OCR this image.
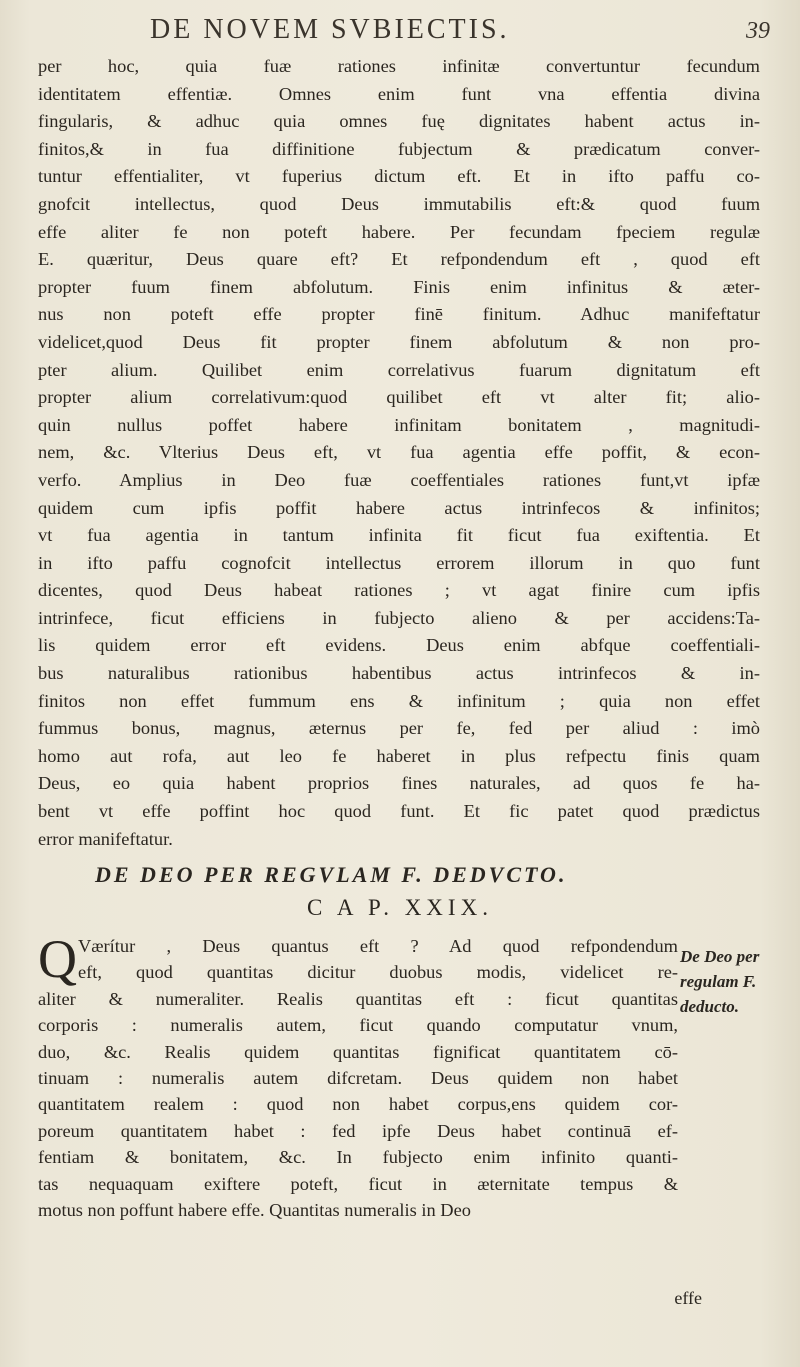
DE NOVEM SVBIECTIS.	39
per hoc, quia fuæ rationes infinitæ convertuntur fecundum
identitatem effentiæ. Omnes enim funt vna effentia divina
fingularis, & adhuc quia omnes fuę dignitates habent actus in-
finitos,& in fua diffinitione fubjectum & prædicatum conver-
tuntur effentialiter, vt fuperius dictum eft. Et in ifto paffu co-
gnofcit intellectus, quod Deus immutabilis eft:& quod fuum
effe aliter fe non poteft habere. Per fecundam fpeciem regulæ
E. quæritur, Deus quare eft? Et refpondendum eft , quod eft
propter fuum finem abfolutum. Finis enim infinitus & æter-
nus non poteft effe propter finē finitum. Adhuc manifeftatur
videlicet,quod Deus fit propter finem abfolutum & non pro-
pter alium. Quilibet enim correlativus fuarum dignitatum eft
propter alium correlativum:quod quilibet eft vt alter fit; alio-
quin nullus poffet habere infinitam bonitatem , magnitudi-
nem, &c. Vlterius Deus eft, vt fua agentia effe poffit, & econ-
verfo. Amplius in Deo fuæ coeffentiales rationes funt,vt ipfæ
quidem cum ipfis poffit habere actus intrinfecos & infinitos;
vt fua agentia in tantum infinita fit ficut fua exiftentia. Et
in ifto paffu cognofcit intellectus errorem illorum in quo funt
dicentes, quod Deus habeat rationes ; vt agat finire cum ipfis
intrinfece, ficut efficiens in fubjecto alieno & per accidens:Ta-
lis quidem error eft evidens. Deus enim abfque coeffentiali-
bus naturalibus rationibus habentibus actus intrinfecos & in-
finitos non effet fummum ens & infinitum ; quia non effet
fummus bonus, magnus, æternus per fe, fed per aliud : imò
homo aut rofa, aut leo fe haberet in plus refpectu finis quam
Deus, eo quia habent proprios fines naturales, ad quos fe ha-
bent vt effe poffint hoc quod funt. Et fic patet quod prædictus
error manifeftatur.
DE DEO PER REGVLAM F. DEDVCTO.
C A P. XXIX.
Q Værítur , Deus quantus eft ? Ad quod refpondendum
eft, quod quantitas dicitur duobus modis, videlicet re-
aliter & numeraliter. Realis quantitas eft : ficut quantitas
corporis : numeralis autem, ficut quando computatur vnum,
duo, &c. Realis quidem quantitas fignificat quantitatem cō-
tinuam : numeralis autem difcretam. Deus quidem non habet
quantitatem realem : quod non habet corpus,ens quidem cor-
poreum quantitatem habet : fed ipfe Deus habet continuā ef-
fentiam & bonitatem, &c. In fubjecto enim infinito quanti-
tas nequaquam exiftere poteft, ficut in æternitate tempus &
motus non poffunt habere effe. Quantitas numeralis in Deo
De Deo per
regulam F.
deducto.
effe
